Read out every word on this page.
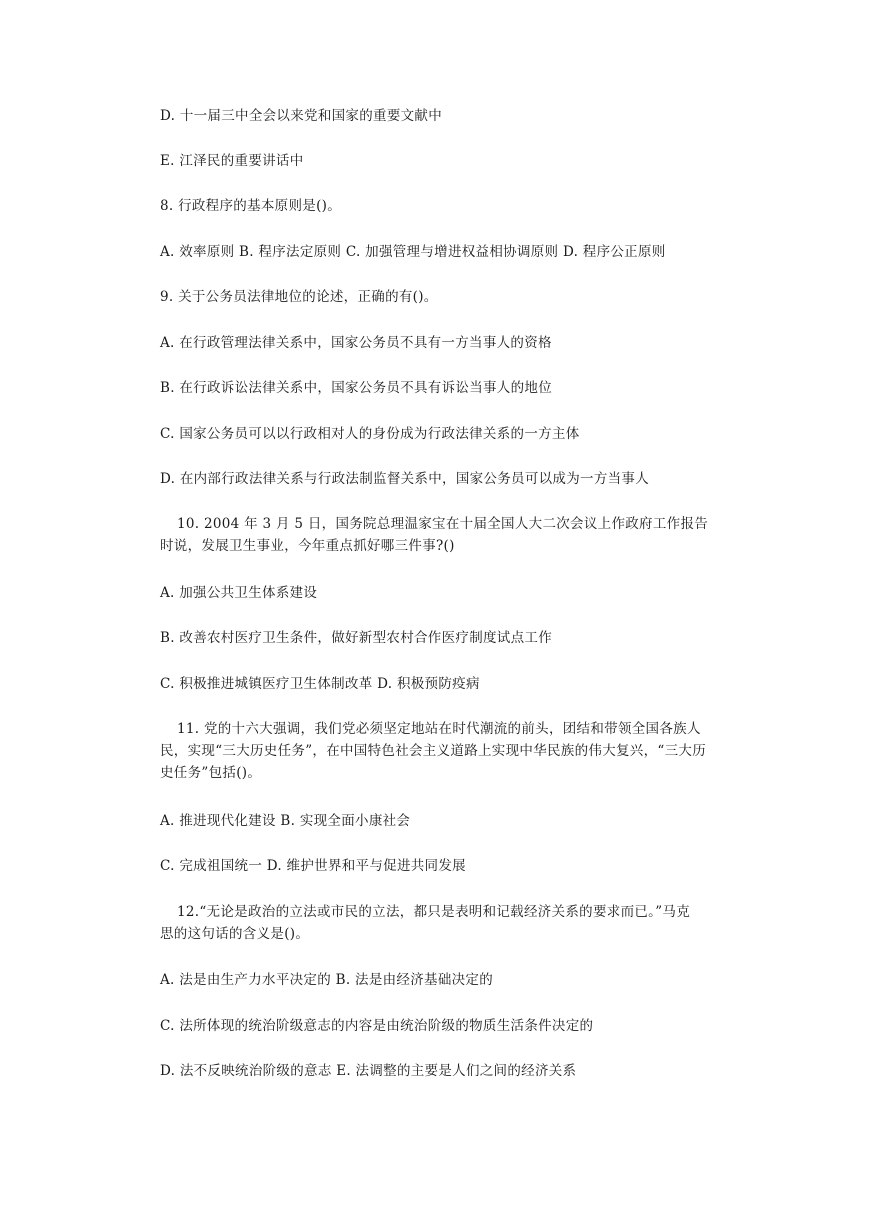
D. 十一届三中全会以来党和国家的重要文献中
E. 江泽民的重要讲话中
8. 行政程序的基本原则是()。
A. 效率原则 B. 程序法定原则 C. 加强管理与增进权益相协调原则 D. 程序公正原则
9. 关于公务员法律地位的论述，正确的有()。
A. 在行政管理法律关系中，国家公务员不具有一方当事人的资格
B. 在行政诉讼法律关系中，国家公务员不具有诉讼当事人的地位
C. 国家公务员可以以行政相对人的身份成为行政法律关系的一方主体
D. 在内部行政法律关系与行政法制监督关系中，国家公务员可以成为一方当事人
10. 2004 年 3 月 5 日，国务院总理温家宝在十届全国人大二次会议上作政府工作报告
时说，发展卫生事业，今年重点抓好哪三件事?()
A. 加强公共卫生体系建设
B. 改善农村医疗卫生条件，做好新型农村合作医疗制度试点工作
C. 积极推进城镇医疗卫生体制改革 D. 积极预防疫病
11. 党的十六大强调，我们党必须坚定地站在时代潮流的前头，团结和带领全国各族人
民，实现“三大历史任务”，在中国特色社会主义道路上实现中华民族的伟大复兴，“三大历
史任务”包括()。
A. 推进现代化建设 B. 实现全面小康社会
C. 完成祖国统一 D. 维护世界和平与促进共同发展
12.“无论是政治的立法或市民的立法，都只是表明和记载经济关系的要求而已。”马克
思的这句话的含义是()。
A. 法是由生产力水平决定的 B. 法是由经济基础决定的
C. 法所体现的统治阶级意志的内容是由统治阶级的物质生活条件决定的
D. 法不反映统治阶级的意志 E. 法调整的主要是人们之间的经济关系
